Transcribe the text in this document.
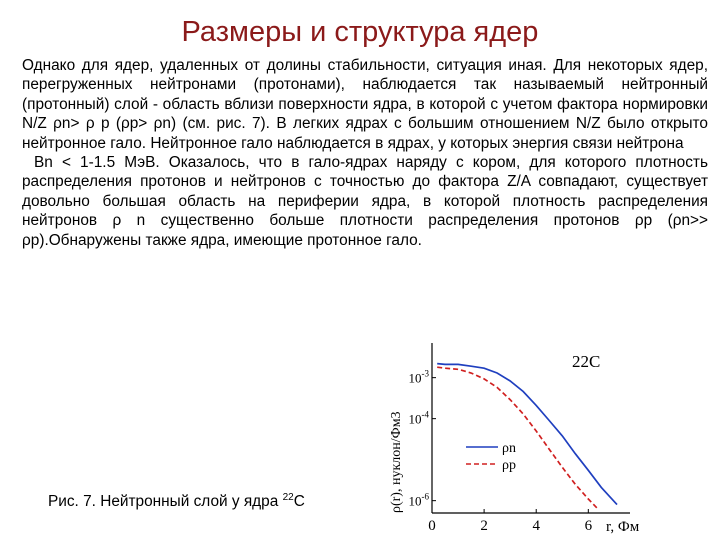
Размеры и структура ядер

Однако для ядер, удаленных от долины стабильности, ситуация иная. Для некоторых ядер, перегруженных нейтронами (протонами), наблюдается так называемый нейтронный (протонный) слой - область вблизи поверхности ядра, в которой с учетом фактора нормировки N/Z ρn> ρ p (ρp> ρn) (см. рис. 7). В легких ядрах с большим отношением N/Z было открыто нейтронное гало. Нейтронное гало наблюдается в ядрах, у которых энергия связи нейтрона

Bn < 1-1.5 МэВ. Оказалось, что в гало-ядрах наряду с кором, для которого плотность распределения протонов и нейтронов с точностью до фактора Z/A совпадают, существует довольно большая область на периферии ядра, в которой плотность распределения нейтронов ρ n существенно больше плотности распределения протонов ρp (ρn>> ρp).Обнаружены также ядра, имеющие протонное гало.

Рис. 7. Нейтронный слой у ядра $^{22}$С
0	2	4	6
$10^{-3}$
$10^{-4}$
$10^{-6}$
22C
ρ(r), нуклон/Фм3
r, Фм
ρn
ρp
